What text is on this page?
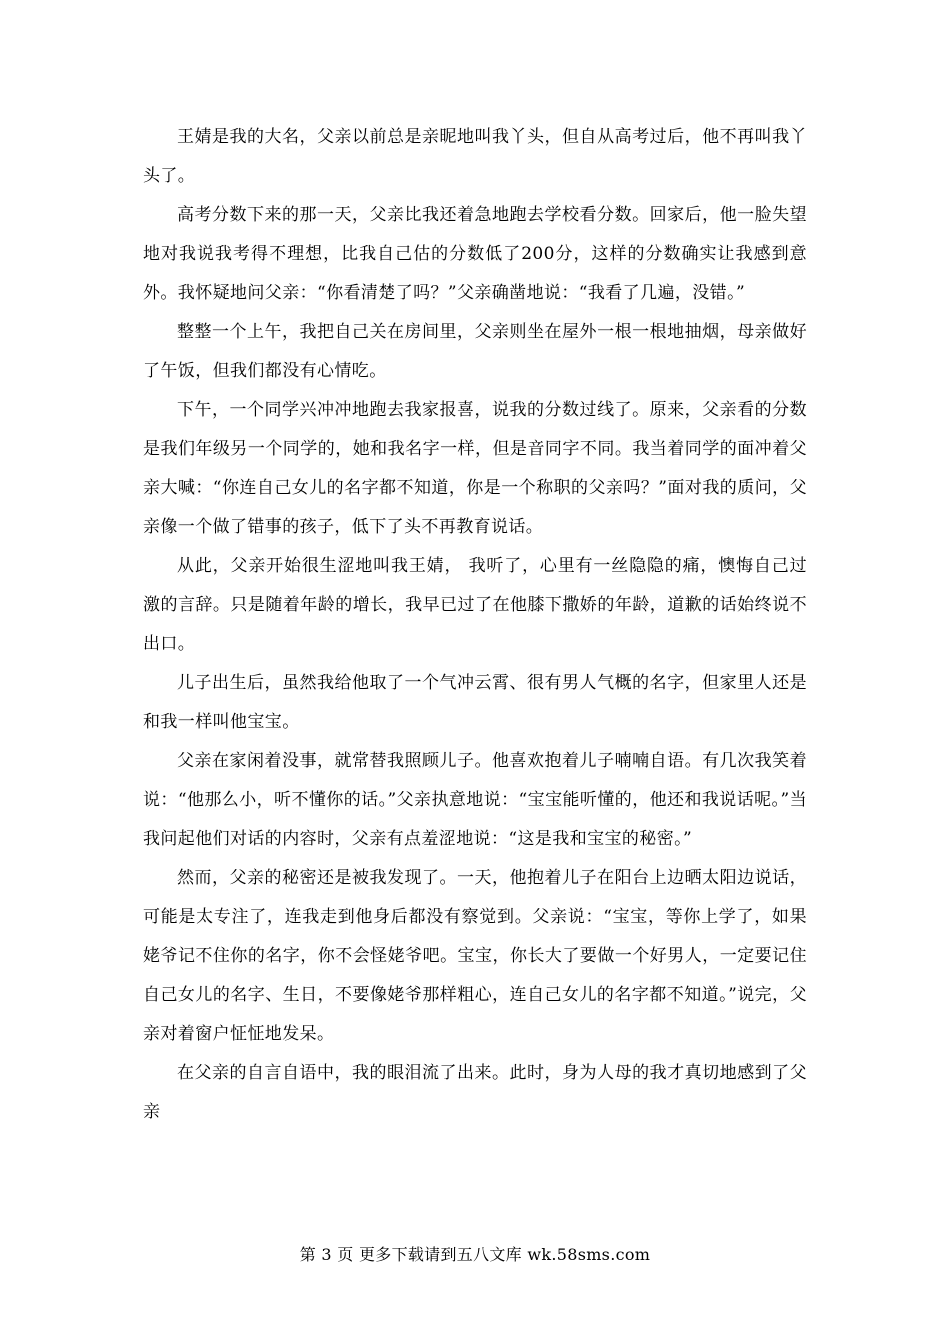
王婧是我的大名，父亲以前总是亲昵地叫我丫头，但自从高考过后，他不再叫我丫头了。

高考分数下来的那一天，父亲比我还着急地跑去学校看分数。回家后，他一脸失望地对我说我考得不理想，比我自己估的分数低了200分，这样的分数确实让我感到意外。我怀疑地问父亲：“你看清楚了吗？”父亲确凿地说：“我看了几遍，没错。”

整整一个上午，我把自己关在房间里，父亲则坐在屋外一根一根地抽烟，母亲做好了午饭，但我们都没有心情吃。

下午，一个同学兴冲冲地跑去我家报喜，说我的分数过线了。原来，父亲看的分数是我们年级另一个同学的，她和我名字一样，但是音同字不同。我当着同学的面冲着父亲大喊：“你连自己女儿的名字都不知道，你是一个称职的父亲吗？”面对我的质问，父亲像一个做了错事的孩子，低下了头不再教育说话。

从此，父亲开始很生涩地叫我王婧， 我听了，心里有一丝隐隐的痛，懊悔自己过激的言辞。只是随着年龄的增长，我早已过了在他膝下撒娇的年龄，道歉的话始终说不出口。

儿子出生后，虽然我给他取了一个气冲云霄、很有男人气概的名字，但家里人还是和我一样叫他宝宝。

父亲在家闲着没事，就常替我照顾儿子。他喜欢抱着儿子喃喃自语。有几次我笑着说：“他那么小，听不懂你的话。”父亲执意地说：“宝宝能听懂的，他还和我说话呢。”当我问起他们对话的内容时，父亲有点羞涩地说：“这是我和宝宝的秘密。”

然而，父亲的秘密还是被我发现了。一天，他抱着儿子在阳台上边晒太阳边说话，可能是太专注了，连我走到他身后都没有察觉到。父亲说：“宝宝，等你上学了，如果姥爷记不住你的名字，你不会怪姥爷吧。宝宝，你长大了要做一个好男人，一定要记住自己女儿的名字、生日，不要像姥爷那样粗心，连自己女儿的名字都不知道。”说完，父亲对着窗户怔怔地发呆。

在父亲的自言自语中，我的眼泪流了出来。此时，身为人母的我才真切地感到了父亲

第 3 页 更多下载请到五八文库 wk.58sms.com
